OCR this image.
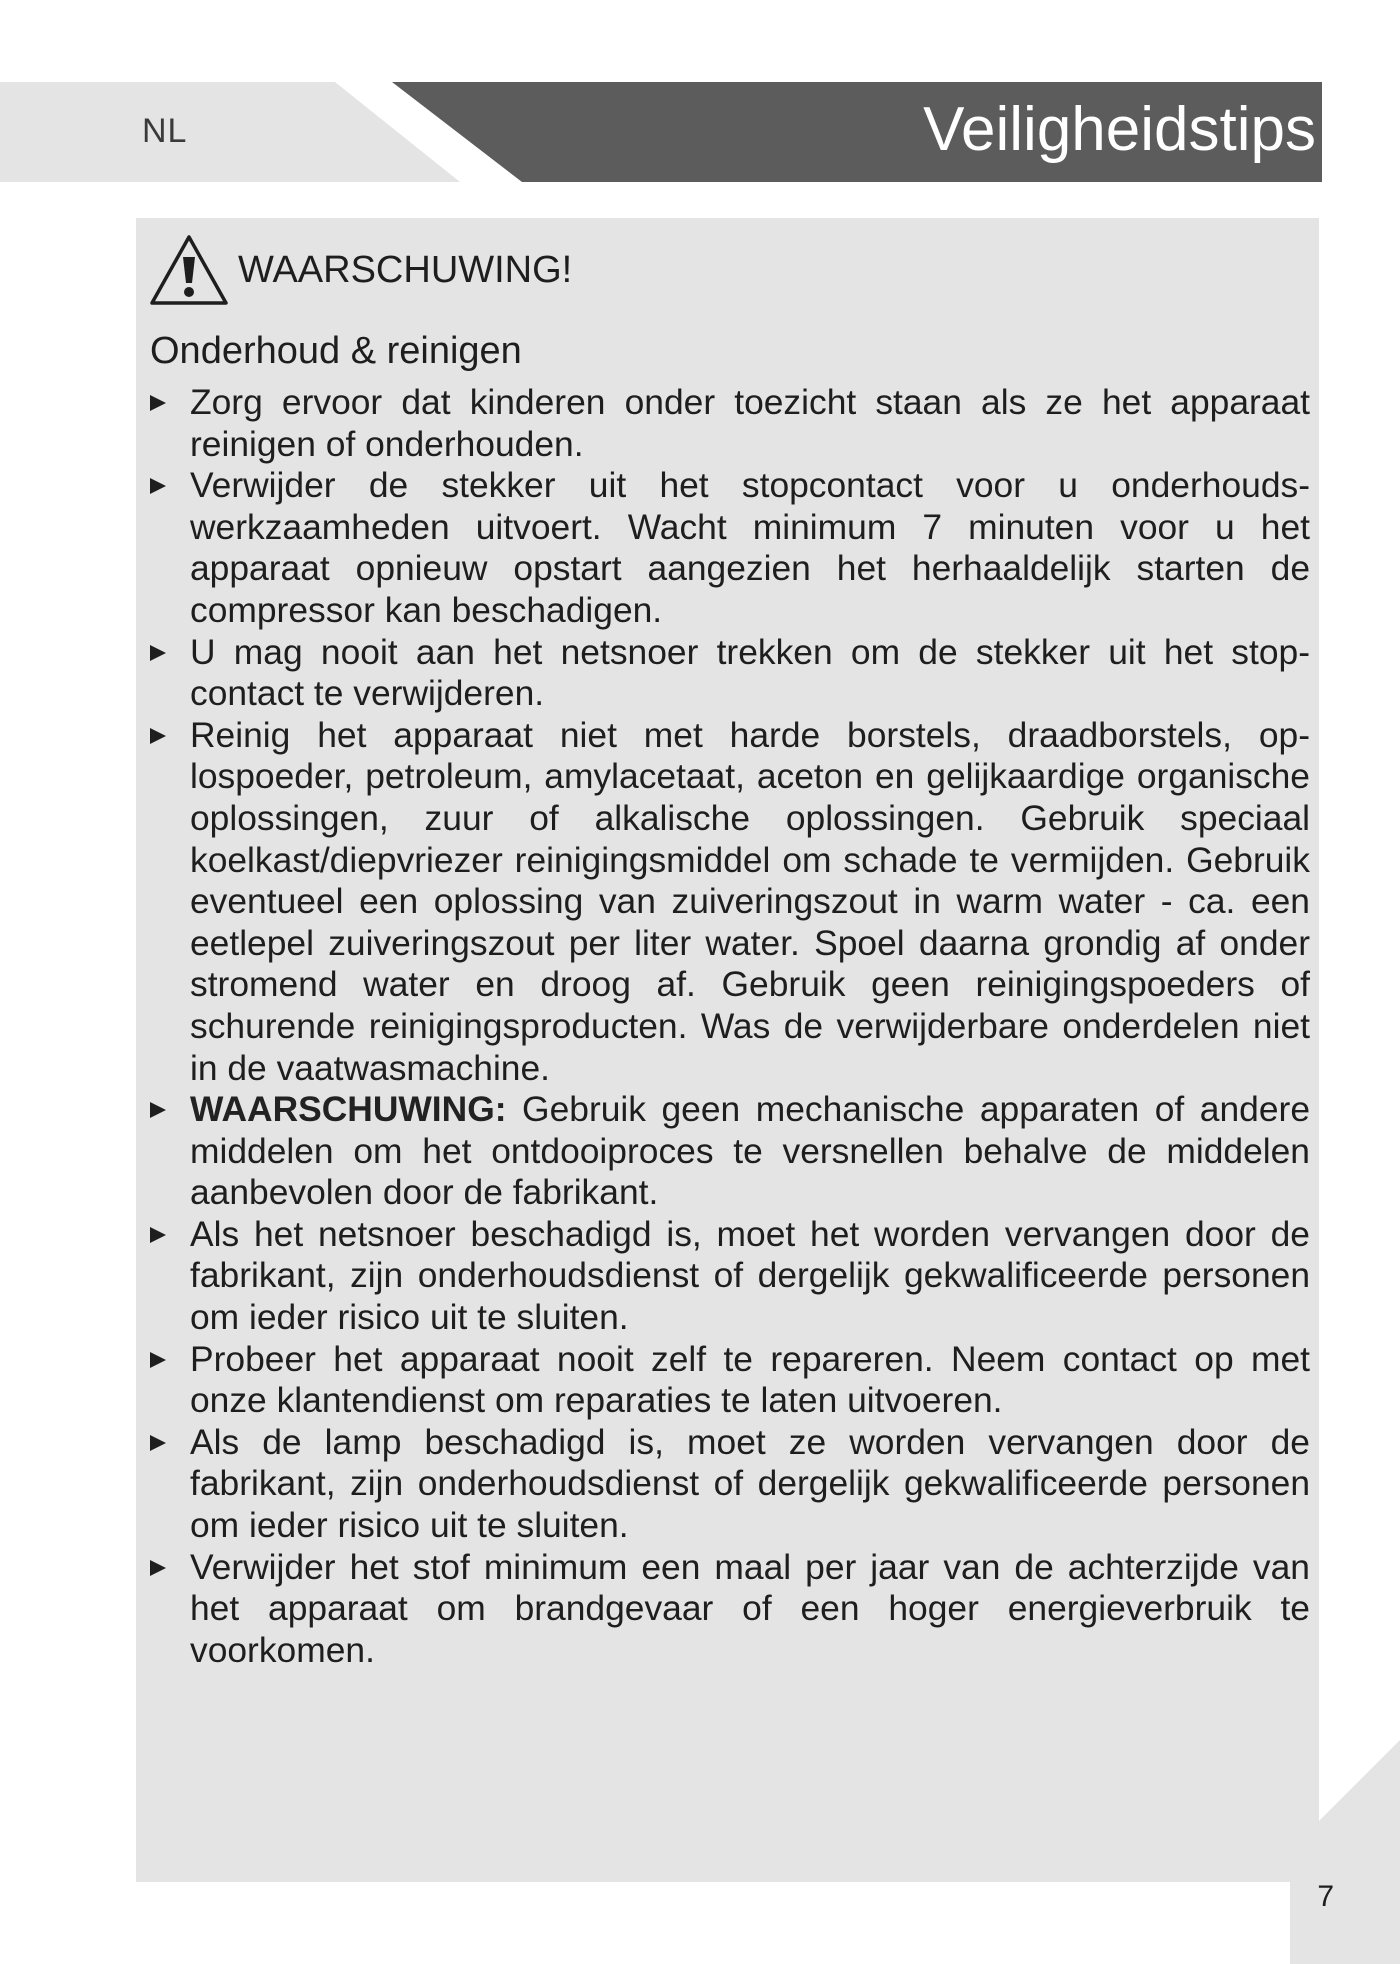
NL	Veiligheidstips
WAARSCHUWING!
Onderhoud & reinigen
Zorg ervoor dat kinderen onder toezicht staan als ze het apparaat reinigen of onderhouden.
Verwijder de stekker uit het stopcontact voor u onderhoudswerkzaamheden uitvoert. Wacht minimum 7 minuten voor u het apparaat opnieuw opstart aangezien het herhaaldelijk starten de compressor kan beschadigen.
U mag nooit aan het netsnoer trekken om de stekker uit het stopcontact te verwijderen.
Reinig het apparaat niet met harde borstels, draadborstels, oplospoeder, petroleum, amylacetaat, aceton en gelijkaardige organische oplossingen, zuur of alkalische oplossingen. Gebruik speciaal koelkast/diepvriezer reinigingsmiddel om schade te vermijden. Gebruik eventueel een oplossing van zuiveringszout in warm water - ca. een eetlepel zuiveringszout per liter water. Spoel daarna grondig af onder stromend water en droog af. Gebruik geen reinigingspoeders of schurende reinigingsproducten. Was de verwijderbare onderdelen niet in de vaatwasmachine.
WAARSCHUWING: Gebruik geen mechanische apparaten of andere middelen om het ontdooiproces te versnellen behalve de middelen aanbevolen door de fabrikant.
Als het netsnoer beschadigd is, moet het worden vervangen door de fabrikant, zijn onderhoudsdienst of dergelijk gekwalificeerde personen om ieder risico uit te sluiten.
Probeer het apparaat nooit zelf te repareren. Neem contact op met onze klantendienst om reparaties te laten uitvoeren.
Als de lamp beschadigd is, moet ze worden vervangen door de fabrikant, zijn onderhoudsdienst of dergelijk gekwalificeerde personen om ieder risico uit te sluiten.
Verwijder het stof minimum een maal per jaar van de achterzijde van het apparaat om brandgevaar of een hoger energieverbruik te voorkomen.
7
